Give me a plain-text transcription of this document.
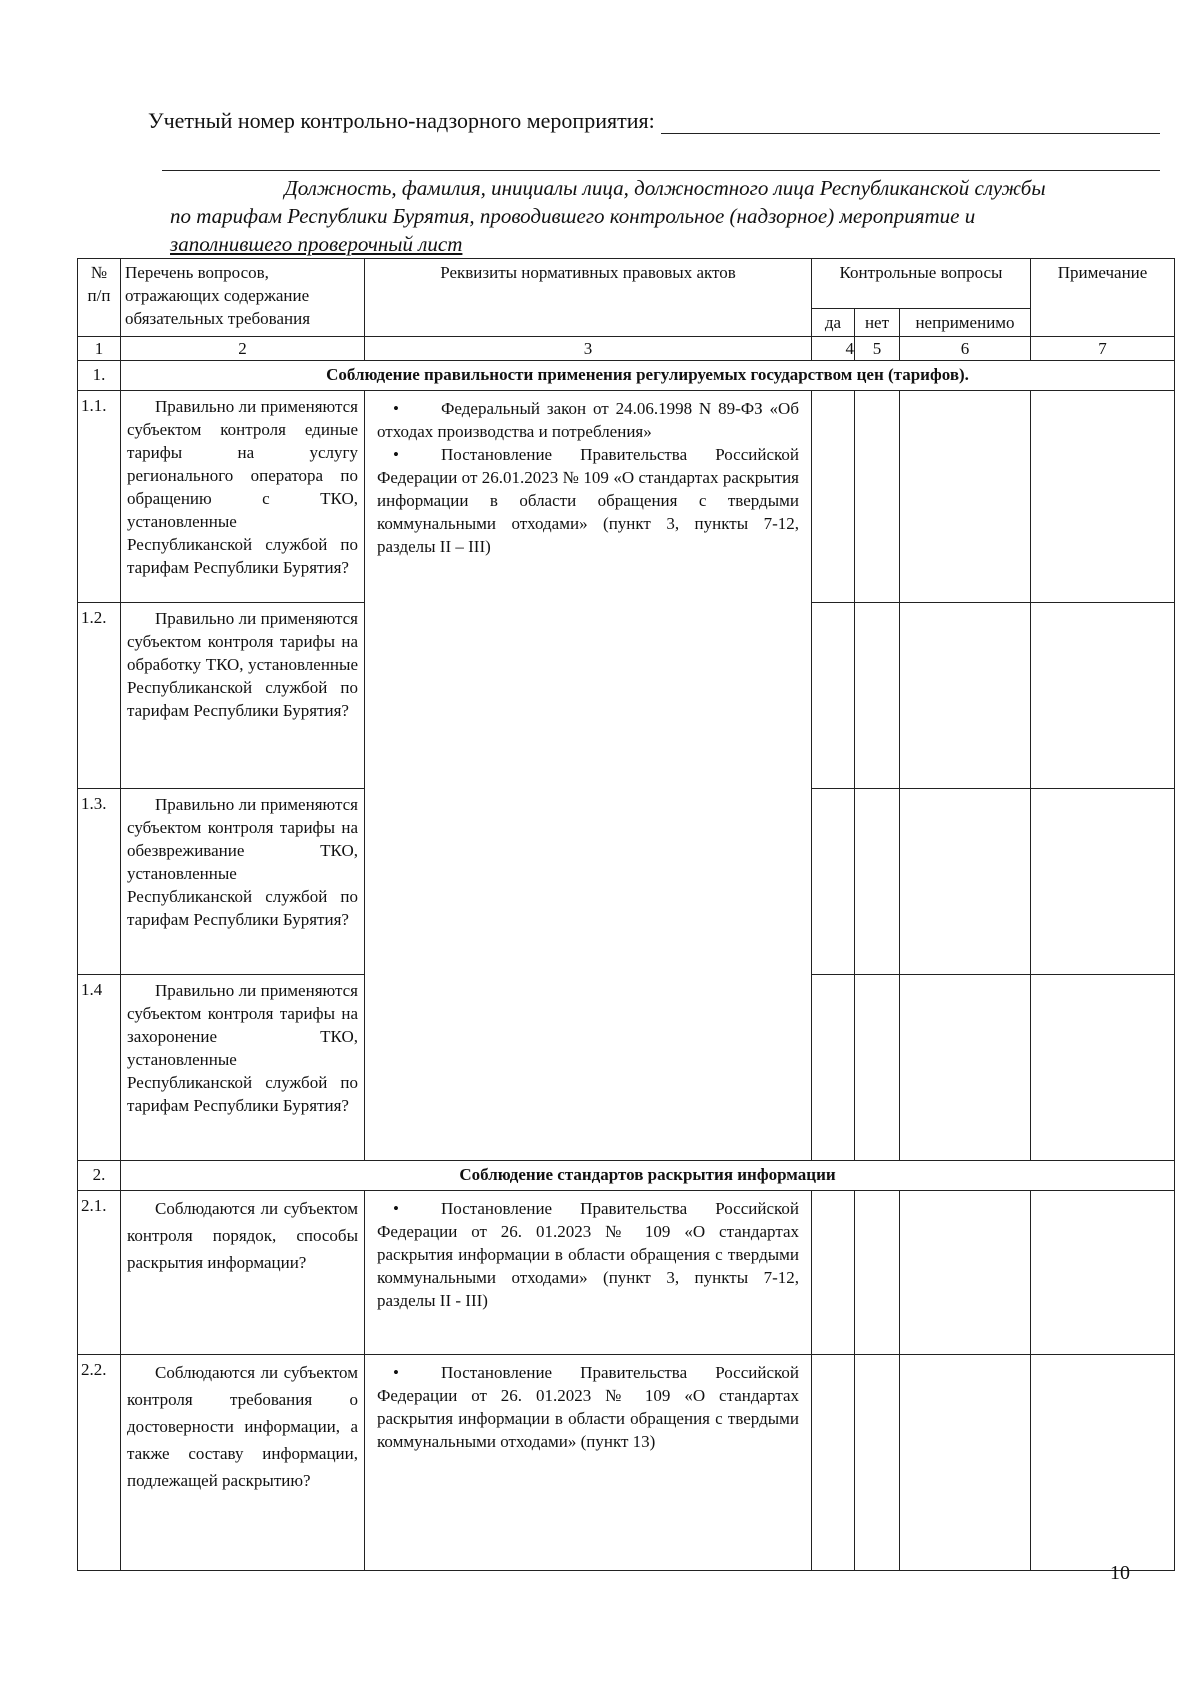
Учетный номер контрольно-надзорного мероприятия:
Должность, фамилия, инициалы лица, должностного лица Республиканской службы
по тарифам Республики Бурятия, проводившего контрольное (надзорное) мероприятие и
заполнившего проверочный лист
№ п/п	Перечень вопросов, отражающих содержание обязательных требования	Реквизиты нормативных правовых актов	Контрольные вопросы			Примечание
			да	нет	неприменимо	
1	2	3	4	5	6	7
1.	Соблюдение правильности применения регулируемых государством цен (тарифов).					
1.1.	Правильно ли применяются субъектом контроля единые тарифы на услугу регионального оператора по обращению с ТКО, установленные Республиканской службой по тарифам Республики Бурятия?	• Федеральный закон от 24.06.1998 N 89-ФЗ «Об отходах производства и потребления»

• Постановление Правительства Российской Федерации от 26.01.2023 № 109 «О стандартах раскрытия информации в области обращения с твердыми коммунальными отходами» (пункт 3, пункты 7-12, разделы II – III)				

1.2.	Правильно ли применяются субъектом контроля тарифы на обработку ТКО, установленные Республиканской службой по тарифам Республики Бурятия?					
1.3.	Правильно ли применяются субъектом контроля тарифы на обезвреживание ТКО, установленные Республиканской службой по тарифам Республики Бурятия?					
1.4	Правильно ли применяются субъектом контроля тарифы на захоронение ТКО, установленные Республиканской службой по тарифам Республики Бурятия?					
2.	Соблюдение стандартов раскрытия информации					
2.1.	Соблюдаются ли субъектом контроля порядок, способы раскрытия информации?	• Постановление Правительства Российской Федерации от 26. 01.2023 № 109 «О стандартах раскрытия информации в области обращения с твердыми коммунальными отходами» (пункт 3, пункты 7-12, разделы II - III)				

2.2.	Соблюдаются ли субъектом контроля требования о достоверности информации, а также составу информации, подлежащей раскрытию?	• Постановление Правительства Российской Федерации от 26. 01.2023 № 109 «О стандартах раскрытия информации в области обращения с твердыми коммунальными отходами» (пункт 13)				

10
